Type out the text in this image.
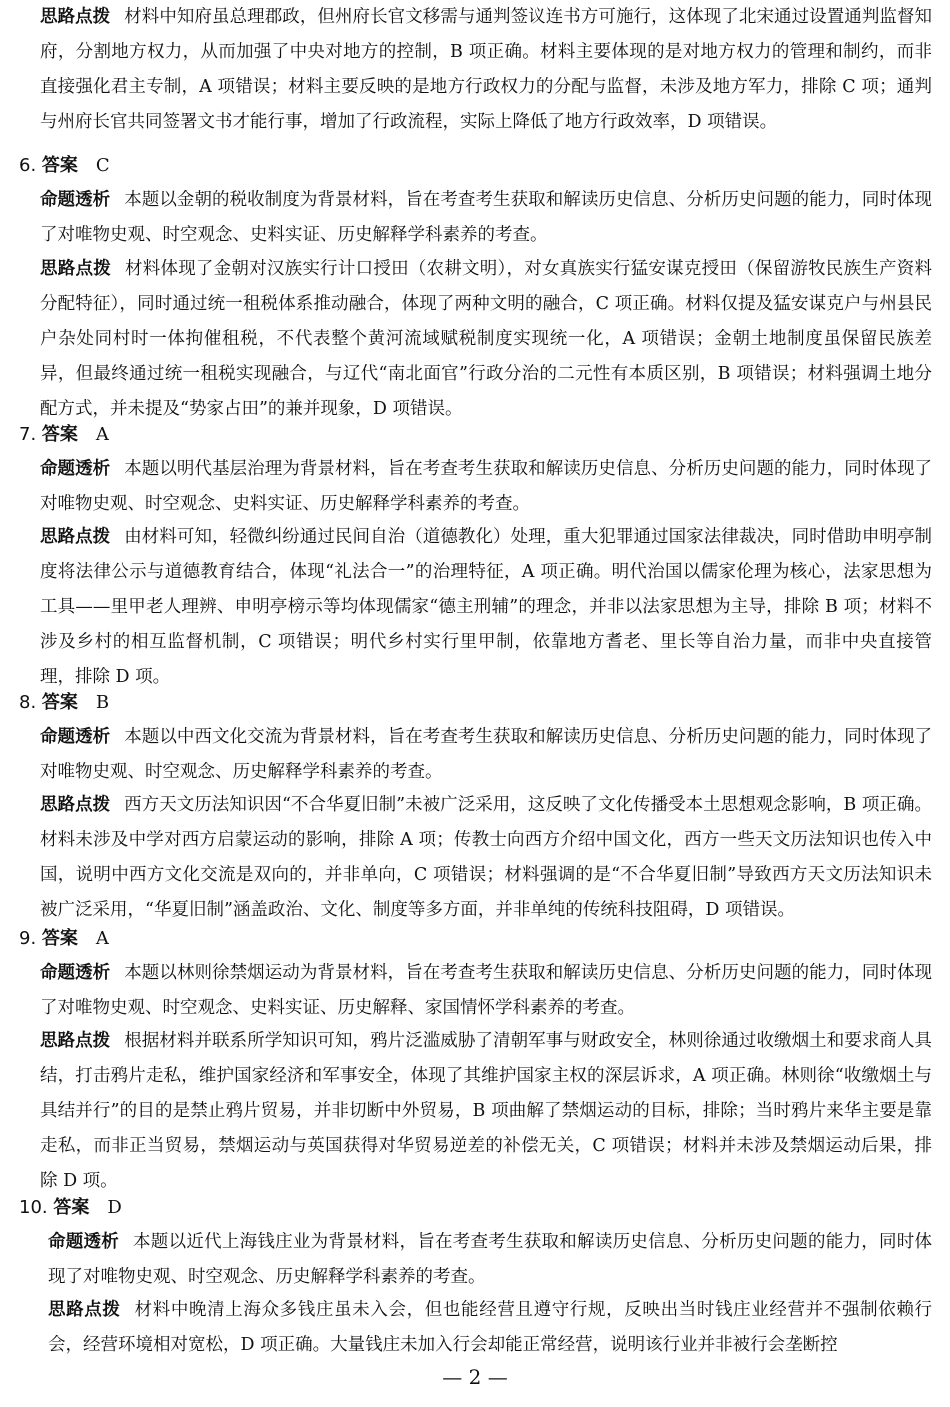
思路点拨 材料中知府虽总理郡政，但州府长官文移需与通判签议连书方可施行，这体现了北宋通过设置通判监督知府，分割地方权力，从而加强了中央对地方的控制，B 项正确。材料主要体现的是对地方权力的管理和制约，而非直接强化君主专制，A 项错误；材料主要反映的是地方行政权力的分配与监督，未涉及地方军力，排除 C 项；通判与州府长官共同签署文书才能行事，增加了行政流程，实际上降低了地方行政效率，D 项错误。

6. 答案 C

命题透析 本题以金朝的税收制度为背景材料，旨在考查考生获取和解读历史信息、分析历史问题的能力，同时体现了对唯物史观、时空观念、史料实证、历史解释学科素养的考查。

思路点拨 材料体现了金朝对汉族实行计口授田（农耕文明），对女真族实行猛安谋克授田（保留游牧民族生产资料分配特征），同时通过统一租税体系推动融合，体现了两种文明的融合，C 项正确。材料仅提及猛安谋克户与州县民户杂处同村时一体拘催租税，不代表整个黄河流域赋税制度实现统一化，A 项错误；金朝土地制度虽保留民族差异，但最终通过统一租税实现融合，与辽代“南北面官”行政分治的二元性有本质区别，B 项错误；材料强调土地分配方式，并未提及“势家占田”的兼并现象，D 项错误。

7. 答案 A

命题透析 本题以明代基层治理为背景材料，旨在考查考生获取和解读历史信息、分析历史问题的能力，同时体现了对唯物史观、时空观念、史料实证、历史解释学科素养的考查。

思路点拨 由材料可知，轻微纠纷通过民间自治（道德教化）处理，重大犯罪通过国家法律裁决，同时借助申明亭制度将法律公示与道德教育结合，体现“礼法合一”的治理特征，A 项正确。明代治国以儒家伦理为核心，法家思想为工具——里甲老人理辨、申明亭榜示等均体现儒家“德主刑辅”的理念，并非以法家思想为主导，排除 B 项；材料不涉及乡村的相互监督机制，C 项错误；明代乡村实行里甲制，依靠地方耆老、里长等自治力量，而非中央直接管理，排除 D 项。

8. 答案 B

命题透析 本题以中西文化交流为背景材料，旨在考查考生获取和解读历史信息、分析历史问题的能力，同时体现了对唯物史观、时空观念、历史解释学科素养的考查。

思路点拨 西方天文历法知识因“不合华夏旧制”未被广泛采用，这反映了文化传播受本土思想观念影响，B 项正确。材料未涉及中学对西方启蒙运动的影响，排除 A 项；传教士向西方介绍中国文化，西方一些天文历法知识也传入中国，说明中西方文化交流是双向的，并非单向，C 项错误；材料强调的是“不合华夏旧制”导致西方天文历法知识未被广泛采用，“华夏旧制”涵盖政治、文化、制度等多方面，并非单纯的传统科技阻碍，D 项错误。

9. 答案 A

命题透析 本题以林则徐禁烟运动为背景材料，旨在考查考生获取和解读历史信息、分析历史问题的能力，同时体现了对唯物史观、时空观念、史料实证、历史解释、家国情怀学科素养的考查。

思路点拨 根据材料并联系所学知识可知，鸦片泛滥威胁了清朝军事与财政安全，林则徐通过收缴烟土和要求商人具结，打击鸦片走私，维护国家经济和军事安全，体现了其维护国家主权的深层诉求，A 项正确。林则徐“收缴烟土与具结并行”的目的是禁止鸦片贸易，并非切断中外贸易，B 项曲解了禁烟运动的目标，排除；当时鸦片来华主要是靠走私，而非正当贸易，禁烟运动与英国获得对华贸易逆差的补偿无关，C 项错误；材料并未涉及禁烟运动后果，排除 D 项。

10. 答案 D

命题透析 本题以近代上海钱庄业为背景材料，旨在考查考生获取和解读历史信息、分析历史问题的能力，同时体现了对唯物史观、时空观念、历史解释学科素养的考查。

思路点拨 材料中晚清上海众多钱庄虽未入会，但也能经营且遵守行规，反映出当时钱庄业经营并不强制依赖行会，经营环境相对宽松，D 项正确。大量钱庄未加入行会却能正常经营，说明该行业并非被行会垄断控

— 2 —
